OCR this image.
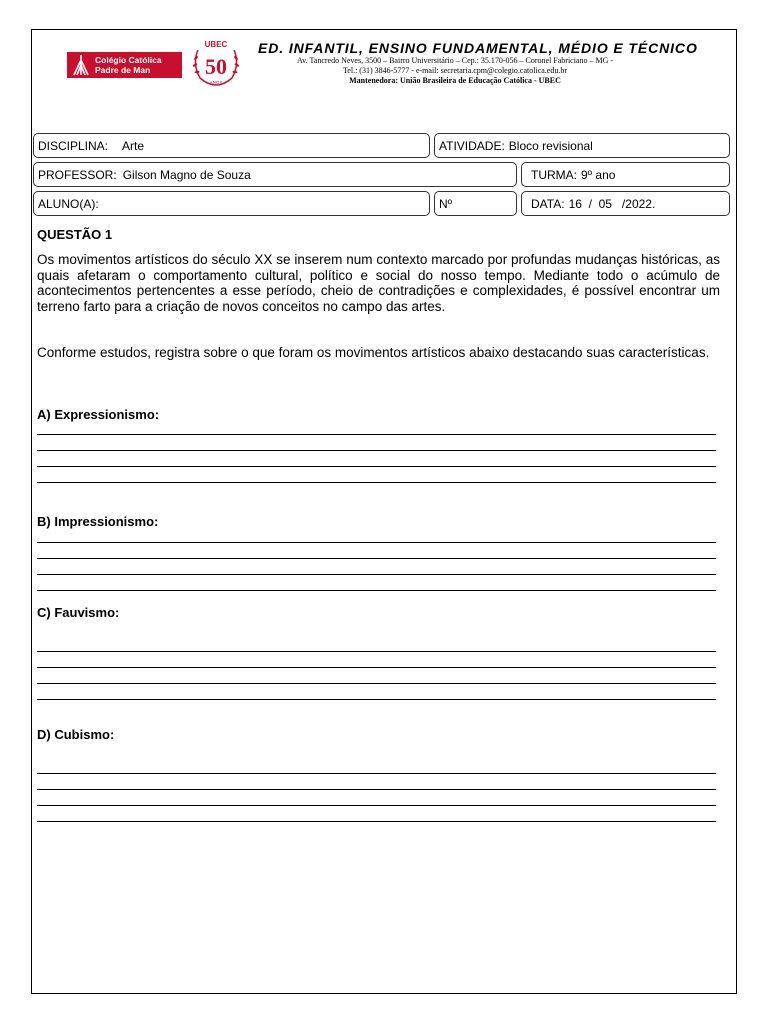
Colégio Católica
Padre de Man
UBEC
50
ANOS
ED. INFANTIL, ENSINO FUNDAMENTAL, MÉDIO E TÉCNICO
Av. Tancredo Neves, 3500 – Bairro Universitário – Cep.: 35.170-056 – Coronel Fabriciano – MG -
Tel.: (31) 3846-5777 - e-mail: secretaria.cpm@colegio.catolica.edu.br
Mantenedora: União Brasileira de Educação Católica - UBEC
DISCIPLINA: Arte	ATIVIDADE: Bloco revisional
PROFESSOR: Gilson Magno de Souza	TURMA: 9º ano
ALUNO(A):	Nº	DATA: 16  /  05   /2022.
QUESTÃO 1
Os movimentos artísticos do século XX se inserem num contexto marcado por profundas mudanças históricas, as quais afetaram o comportamento cultural, político e social do nosso tempo. Mediante todo o acúmulo de acontecimentos pertencentes a esse período, cheio de contradições e complexidades, é possível encontrar um terreno farto para a criação de novos conceitos no campo das artes.
Conforme estudos, registra sobre o que foram os movimentos artísticos abaixo destacando suas características.
A) Expressionismo:
B) Impressionismo:
C) Fauvismo:
D) Cubismo:
